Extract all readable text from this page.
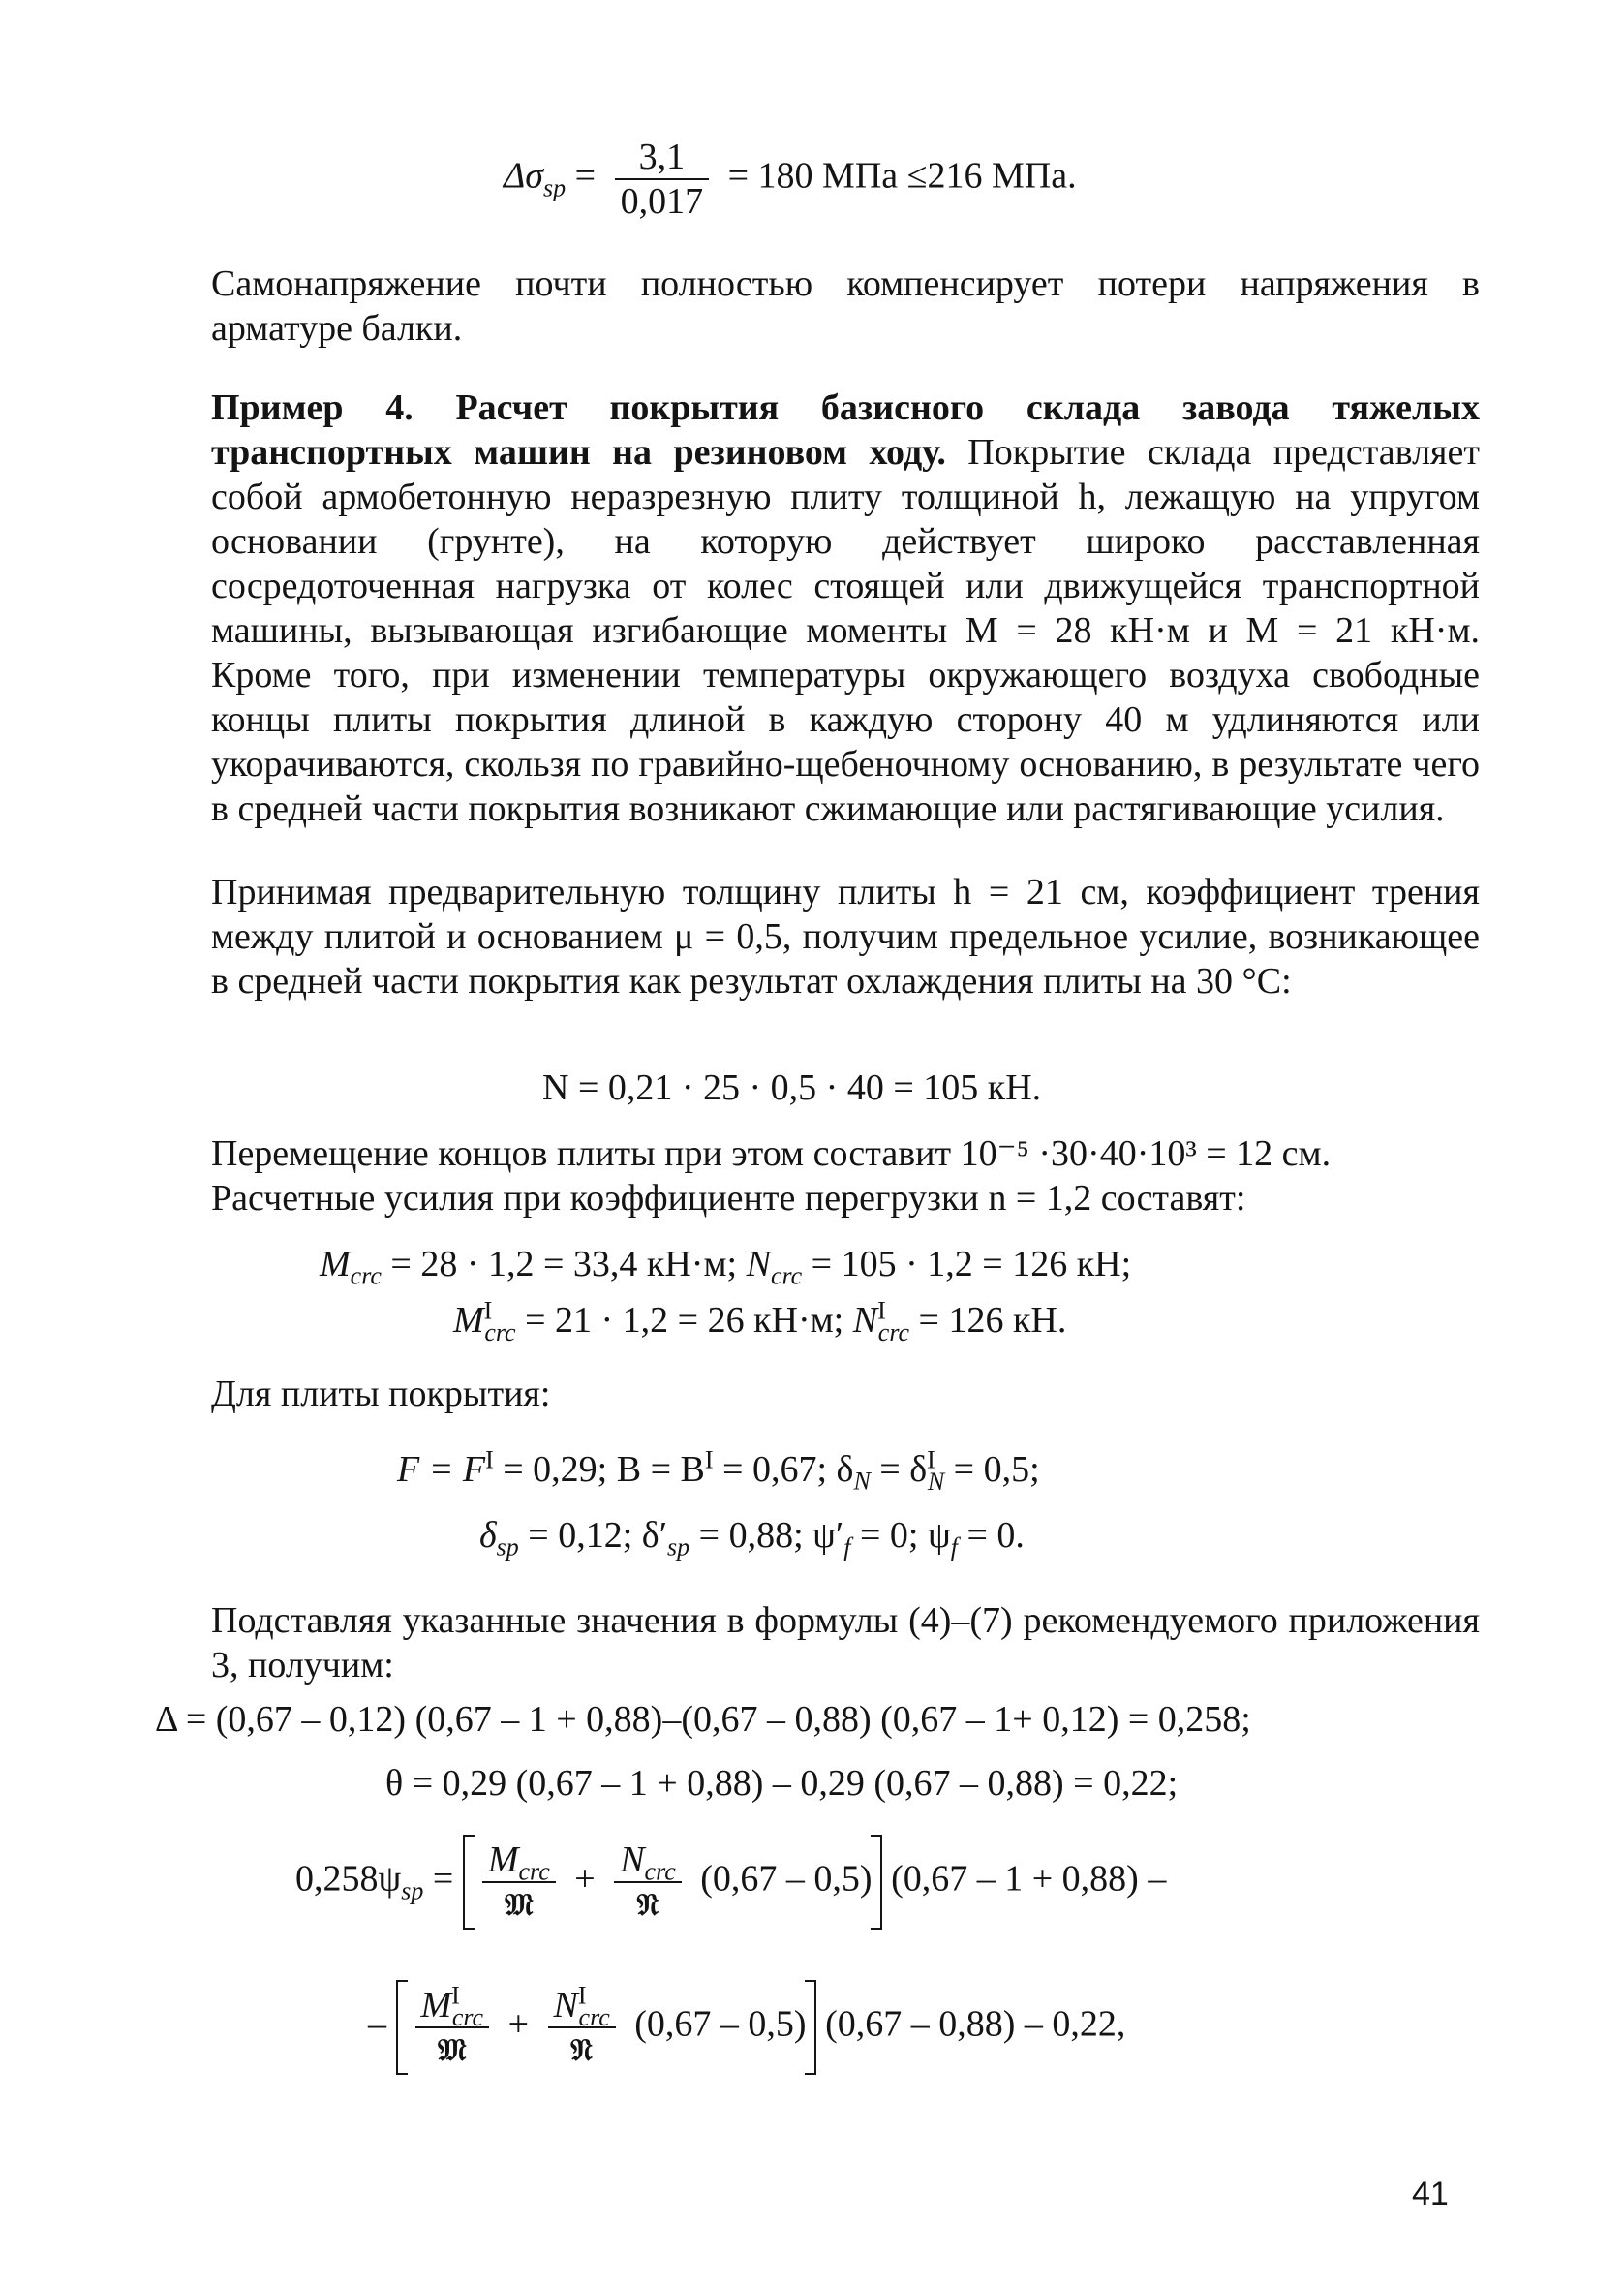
$\Delta\sigma_{sp} = \frac{3,1}{0,017} = 180$ МПа ≤216 МПа.
Самонапряжение почти полностью компенсирует потери напряжения в арматуре балки.
Пример 4. Расчет покрытия базисного склада завода тяжелых транспортных машин на резиновом ходу. Покрытие склада представляет собой армобетонную неразрезную плиту толщиной h, лежащую на упругом основании (грунте), на которую действует широко расставленная сосредоточенная нагрузка от колес стоящей или движущейся транспортной машины, вызывающая изгибающие моменты M = 28 кН·м и M = 21 кН·м. Кроме того, при изменении температуры окружающего воздуха свободные концы плиты покрытия длиной в каждую сторону 40 м удлиняются или укорачиваются, скользя по гравийно-щебеночному основанию, в результате чего в средней части покрытия возникают сжимающие или растягивающие усилия.
Принимая предварительную толщину плиты h = 21 см, коэффициент трения между плитой и основанием μ = 0,5, получим предельное усилие, возникающее в средней части покрытия как результат охлаждения плиты на 30 °C:
N = 0,21 · 25 · 0,5 · 40 = 105 кН.
Перемещение концов плиты при этом составит 10⁻⁵ ·30·40·10³ = 12 см.
Расчетные усилия при коэффициенте перегрузки n = 1,2 составят:
$M_{crc} = 28 \cdot 1,2 = 33,4$ кН·м; $N_{crc} = 105 \cdot 1,2 = 126$ кН;
$M^I_{crc} = 21 \cdot 1,2 = 26$ кН·м; $N^I_{crc} = 126$ кН.
Для плиты покрытия:
$F = F^I = 0,29$; $B = B^I = 0,67$; $\delta_N = \delta^I_N = 0,5$;
$\delta_{sp} = 0,12$; $\delta'_{sp} = 0,88$; $\psi'_f = 0$; $\psi_f = 0$.
Подставляя указанные значения в формулы (4)–(7) рекомендуемого приложения 3, получим:
Δ = (0,67 – 0,12) (0,67 – 1 + 0,88)–(0,67 – 0,88) (0,67 – 1+ 0,12) = 0,258;
θ = 0,29 (0,67 – 1 + 0,88) – 0,29 (0,67 – 0,88) = 0,22;
$0,258\psi_{sp} = M_{crc}$
𝔐
+ $N_{crc}$
𝔑
(0,67 – 0,5) (0,67 – 1 + 0,88) –
– $M^I_{crc}$
𝔐
+ $N^I_{crc}$
𝔑
(0,67 – 0,5) (0,67 – 0,88) – 0,22,
41
